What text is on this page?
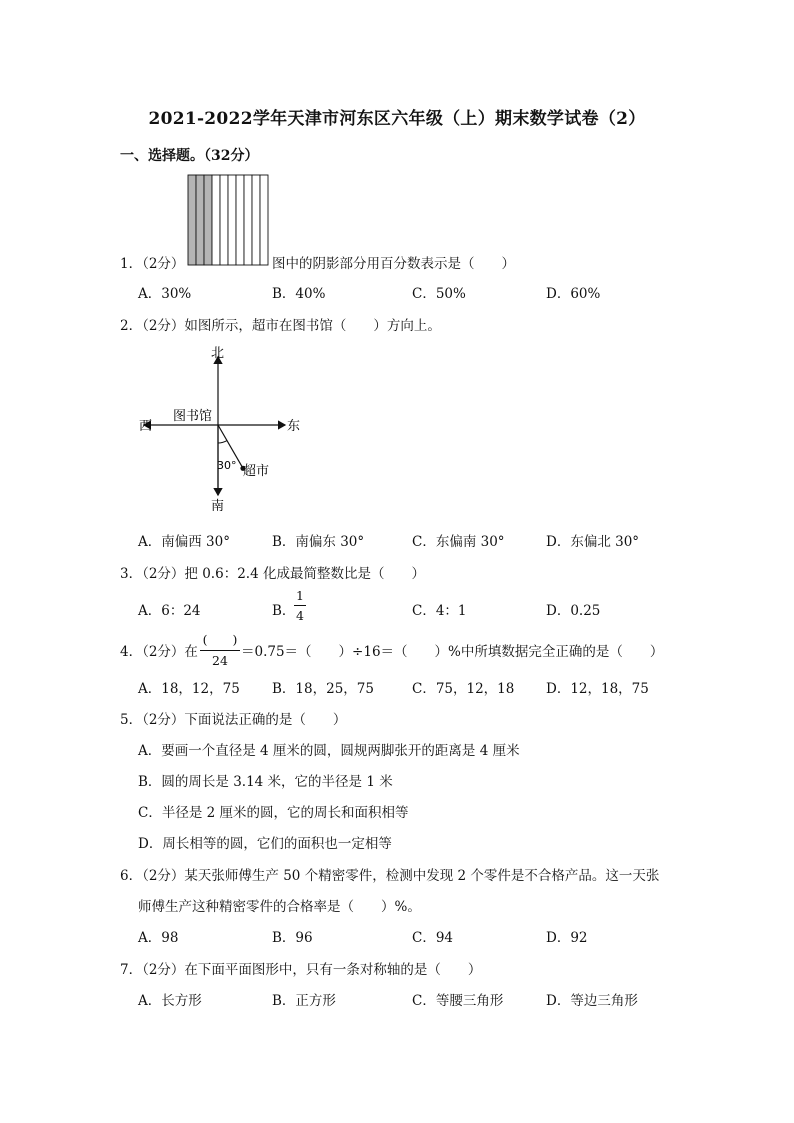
2021-2022学年天津市河东区六年级（上）期末数学试卷（2）
一、选择题。（32分）
1．（2分）	图中的阴影部分用百分数表示是（　　）
A．30%	B．40%	C．50%	D．60%
2．（2分）如图所示，超市在图书馆（　　）方向上。
北
南
西	东
图书馆
30° 超市
A．南偏西 30°	B．南偏东 30°	C．东偏南 30°	D．东偏北 30°
3．（2分）把 0.6：2.4 化成最简整数比是（　　）
A．6：24	B．
1
4	C．4：1	D．0.25
4．（2分）在
(　　)
24
＝0.75＝（　　）÷16＝（　　）%中所填数据完全正确的是（　　）
A．18，12，75 B．18，25，75	C．75，12，18 D．12，18，75
5．（2分）下面说法正确的是（　　）
A．要画一个直径是 4 厘米的圆，圆规两脚张开的距离是 4 厘米
B．圆的周长是 3.14 米，它的半径是 1 米
C．半径是 2 厘米的圆，它的周长和面积相等
D．周长相等的圆，它们的面积也一定相等
6．（2分）某天张师傅生产 50 个精密零件，检测中发现 2 个零件是不合格产品。这一天张
师傅生产这种精密零件的合格率是（　　）%。
A．98	B．96	C．94	D．92
7．（2分）在下面平面图形中，只有一条对称轴的是（　　）
A．长方形	B．正方形	C．等腰三角形	D．等边三角形
